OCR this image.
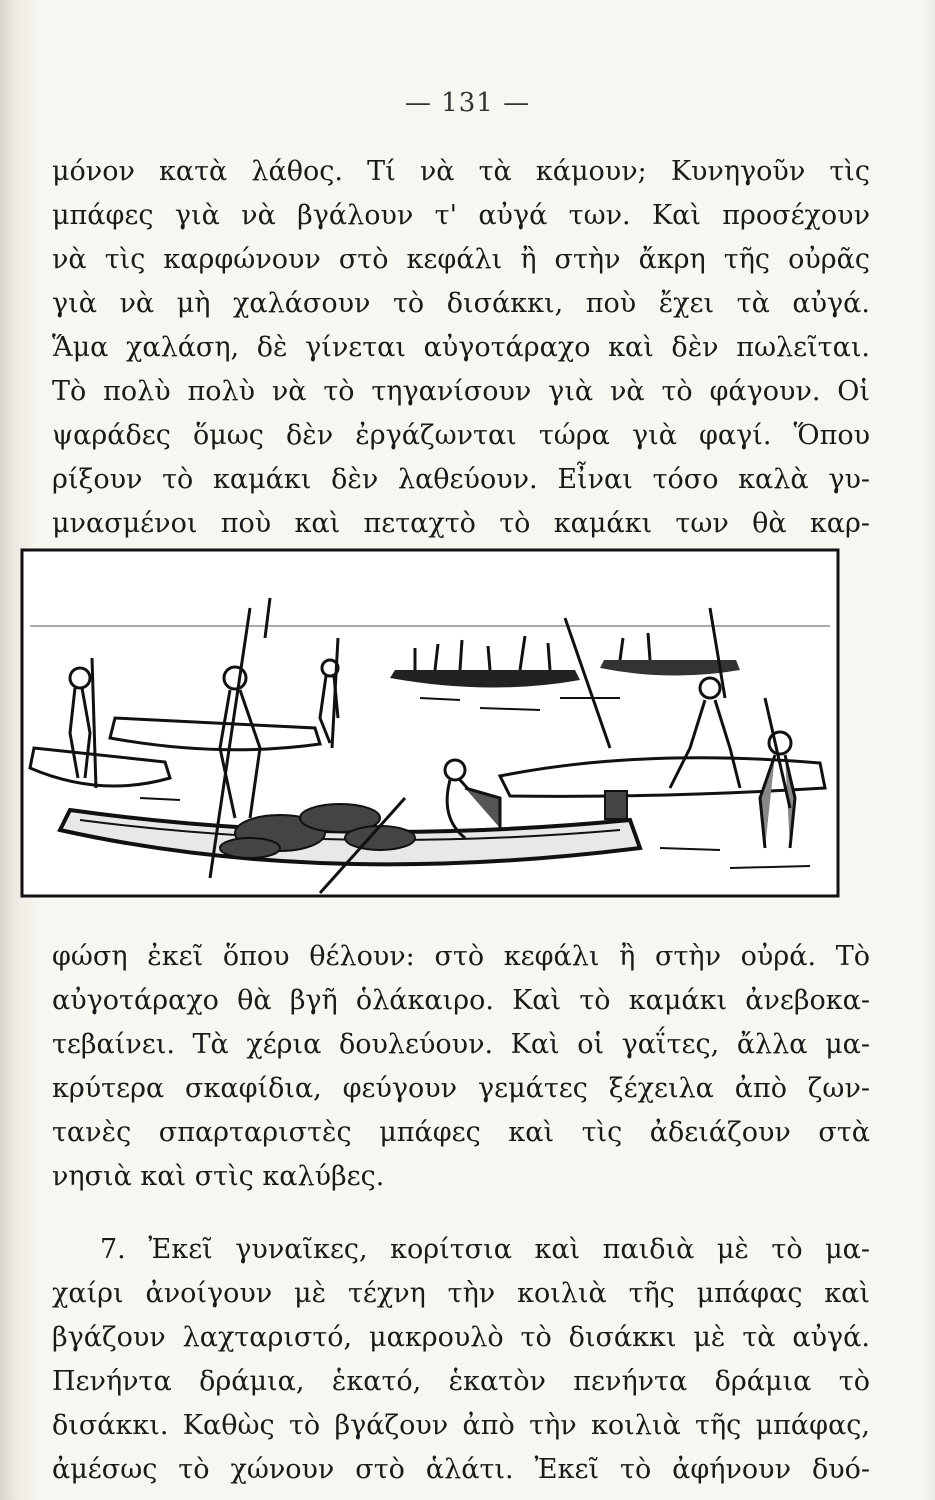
— 131 —
μόνον κατὰ λάθος. Τί νὰ τὰ κάμουν; Κυνηγοῦν τὶς
μπάφες γιὰ νὰ βγάλουν τ' αὐγά των. Καὶ προσέχουν
νὰ τὶς καρφώνουν στὸ κεφάλι ἢ στὴν ἄκρη τῆς οὐρᾶς
γιὰ νὰ μὴ χαλάσουν τὸ δισάκκι, ποὺ ἔχει τὰ αὐγά.
Ἅμα χαλάση, δὲ γίνεται αὐγοτάραχο καὶ δὲν πωλεῖται.
Τὸ πολὺ πολὺ νὰ τὸ τηγανίσουν γιὰ νὰ τὸ φάγουν. Οἱ
ψαράδες ὅμως δὲν ἐργάζωνται τώρα γιὰ φαγί. Ὅπου
ρίξουν τὸ καμάκι δὲν λαθεύουν. Εἶναι τόσο καλὰ γυ-
μνασμένοι ποὺ καὶ πεταχτὸ τὸ καμάκι των θὰ καρ-
φώση ἐκεῖ ὅπου θέλουν: στὸ κεφάλι ἢ στὴν οὐρά. Τὸ
αὐγοτάραχο θὰ βγῆ ὁλάκαιρο. Καὶ τὸ καμάκι ἀνεβοκα-
τεβαίνει. Τὰ χέρια δουλεύουν. Καὶ οἱ γαΐτες, ἄλλα μα-
κρύτερα σκαφίδια, φεύγουν γεμάτες ξέχειλα ἀπὸ ζων-
τανὲς σπαρταριστὲς μπάφες καὶ τὶς ἀδειάζουν στὰ
νησιὰ καὶ στὶς καλύβες.
7. Ἐκεῖ γυναῖκες, κορίτσια καὶ παιδιὰ μὲ τὸ μα-
χαίρι ἀνοίγουν μὲ τέχνη τὴν κοιλιὰ τῆς μπάφας καὶ
βγάζουν λαχταριστό, μακρουλὸ τὸ δισάκκι μὲ τὰ αὐγά.
Πενήντα δράμια, ἑκατό, ἑκατὸν πενήντα δράμια τὸ
δισάκκι. Καθὼς τὸ βγάζουν ἀπὸ τὴν κοιλιὰ τῆς μπάφας,
ἀμέσως τὸ χώνουν στὸ ἁλάτι. Ἐκεῖ τὸ ἀφήνουν δυό-
